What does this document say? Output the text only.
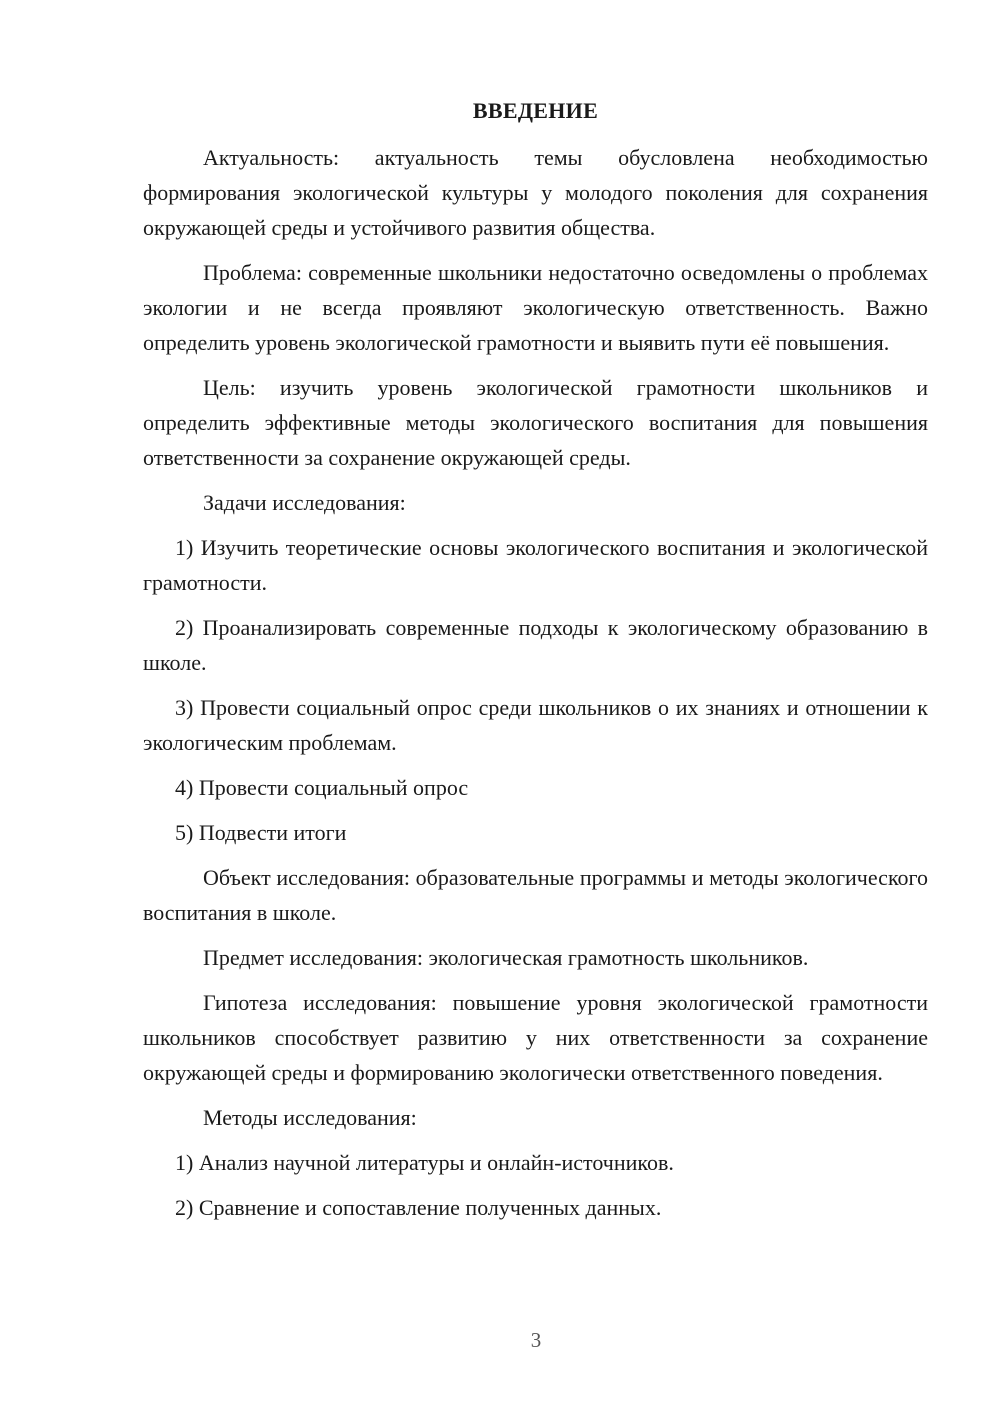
ВВЕДЕНИЕ

Актуальность: актуальность темы обусловлена необходимостью формирования экологической культуры у молодого поколения для сохранения окружающей среды и устойчивого развития общества.

Проблема: современные школьники недостаточно осведомлены о проблемах экологии и не всегда проявляют экологическую ответственность. Важно определить уровень экологической грамотности и выявить пути её повышения.

Цель: изучить уровень экологической грамотности школьников и определить эффективные методы экологического воспитания для повышения ответственности за сохранение окружающей среды.

Задачи исследования:

1) Изучить теоретические основы экологического воспитания и экологической грамотности.

2) Проанализировать современные подходы к экологическому образованию в школе.

3) Провести социальный опрос среди школьников о их знаниях и отношении к экологическим проблемам.

4) Провести социальный опрос

5) Подвести итоги

Объект исследования: образовательные программы и методы экологического воспитания в школе.

Предмет исследования: экологическая грамотность школьников.

Гипотеза исследования: повышение уровня экологической грамотности школьников способствует развитию у них ответственности за сохранение окружающей среды и формированию экологически ответственного поведения.

Методы исследования:

1) Анализ научной литературы и онлайн-источников.

2) Сравнение и сопоставление полученных данных.

3
